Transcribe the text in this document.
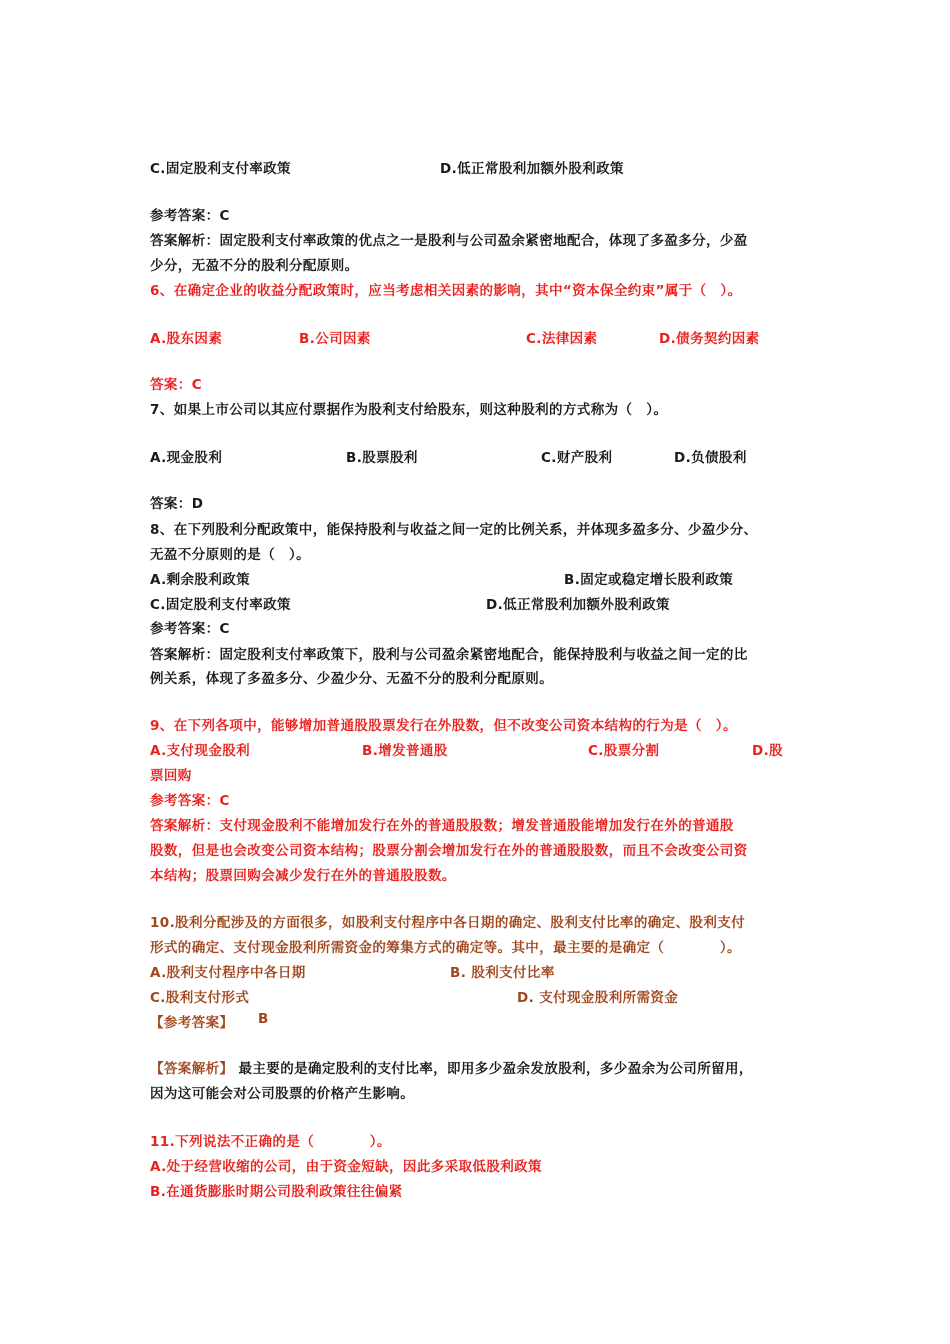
C.固定股利支付率政策	D.低正常股利加额外股利政策
参考答案：C
答案解析：固定股利支付率政策的优点之一是股利与公司盈余紧密地配合，体现了多盈多分，少盈
少分，无盈不分的股利分配原则。
6、在确定企业的收益分配政策时，应当考虑相关因素的影响，其中“资本保全约束”属于（　）。
A.股东因素	B.公司因素	C.法律因素	D.债务契约因素
答案：C
7、如果上市公司以其应付票据作为股利支付给股东，则这种股利的方式称为（　）。
A.现金股利	B.股票股利	C.财产股利	D.负债股利
答案：D
8、在下列股利分配政策中，能保持股利与收益之间一定的比例关系，并体现多盈多分、少盈少分、
无盈不分原则的是（　）。
A.剩余股利政策	B.固定或稳定增长股利政策
C.固定股利支付率政策	D.低正常股利加额外股利政策
参考答案：C
答案解析：固定股利支付率政策下，股利与公司盈余紧密地配合，能保持股利与收益之间一定的比
例关系，体现了多盈多分、少盈少分、无盈不分的股利分配原则。
9、在下列各项中，能够增加普通股股票发行在外股数，但不改变公司资本结构的行为是（　）。
A.支付现金股利	B.增发普通股	C.股票分割	D.股
票回购
参考答案：C
答案解析：支付现金股利不能增加发行在外的普通股股数；增发普通股能增加发行在外的普通股
股数，但是也会改变公司资本结构；股票分割会增加发行在外的普通股股数，而且不会改变公司资
本结构；股票回购会减少发行在外的普通股股数。
10.股利分配涉及的方面很多，如股利支付程序中各日期的确定、股利支付比率的确定、股利支付
形式的确定、支付现金股利所需资金的筹集方式的确定等。其中，最主要的是确定（　　　　）。
A.股利支付程序中各日期	B. 股利支付比率
C.股利支付形式	D. 支付现金股利所需资金
【参考答案】 B
【答案解析】 最主要的是确定股利的支付比率，即用多少盈余发放股利，多少盈余为公司所留用，
因为这可能会对公司股票的价格产生影响。
11.下列说法不正确的是（　　　　）。
A.处于经营收缩的公司，由于资金短缺，因此多采取低股利政策
B.在通货膨胀时期公司股利政策往往偏紧
